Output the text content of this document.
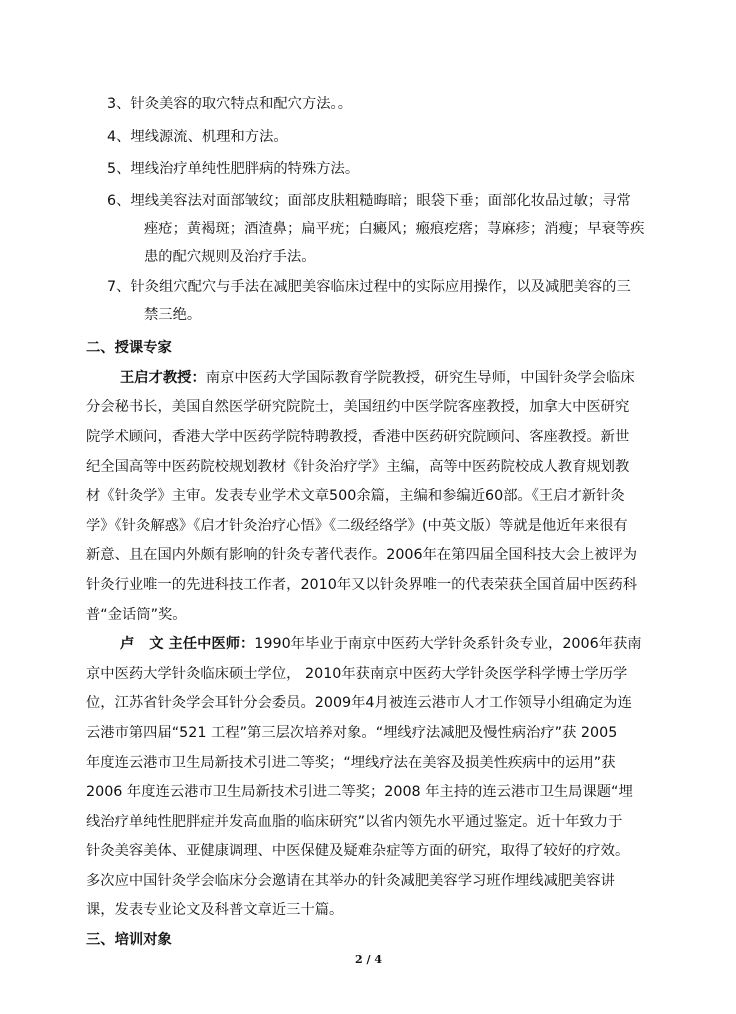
3、针灸美容的取穴特点和配穴方法。。
4、埋线源流、机理和方法。
5、埋线治疗单纯性肥胖病的特殊方法。
6、埋线美容法对面部皱纹；面部皮肤粗糙晦暗；眼袋下垂；面部化妆品过敏；寻常
痤疮；黄褐斑；酒渣鼻；扁平疣；白癜风；瘢痕疙瘩；荨麻疹；消瘦；早衰等疾
患的配穴规则及治疗手法。
7、针灸组穴配穴与手法在减肥美容临床过程中的实际应用操作，以及减肥美容的三
禁三绝。
二、授课专家
王启才教授：南京中医药大学国际教育学院教授，研究生导师，中国针灸学会临床
分会秘书长，美国自然医学研究院院士，美国纽约中医学院客座教授，加拿大中医研究
院学术顾问，香港大学中医药学院特聘教授，香港中医药研究院顾问、客座教授。新世
纪全国高等中医药院校规划教材《针灸治疗学》主编，高等中医药院校成人教育规划教
材《针灸学》主审。发表专业学术文章500余篇，主编和参编近60部。《王启才新针灸
学》《针灸解惑》《启才针灸治疗心悟》《二级经络学》(中英文版）等就是他近年来很有
新意、且在国内外颇有影响的针灸专著代表作。2006年在第四届全国科技大会上被评为
针灸行业唯一的先进科技工作者，2010年又以针灸界唯一的代表荣获全国首届中医药科
普“金话筒”奖。
卢   文 主任中医师：1990年毕业于南京中医药大学针灸系针灸专业，2006年获南
京中医药大学针灸临床硕士学位， 2010年获南京中医药大学针灸医学科学博士学历学
位，江苏省针灸学会耳针分会委员。2009年4月被连云港市人才工作领导小组确定为连
云港市第四届“521 工程”第三层次培养对象。“埋线疗法减肥及慢性病治疗”获 2005
年度连云港市卫生局新技术引进二等奖；“埋线疗法在美容及损美性疾病中的运用”获
2006 年度连云港市卫生局新技术引进二等奖；2008 年主持的连云港市卫生局课题“埋
线治疗单纯性肥胖症并发高血脂的临床研究”以省内领先水平通过鉴定。近十年致力于
针灸美容美体、亚健康调理、中医保健及疑难杂症等方面的研究，取得了较好的疗效。
多次应中国针灸学会临床分会邀请在其举办的针灸减肥美容学习班作埋线减肥美容讲
课，发表专业论文及科普文章近三十篇。
三、培训对象
2 / 4
